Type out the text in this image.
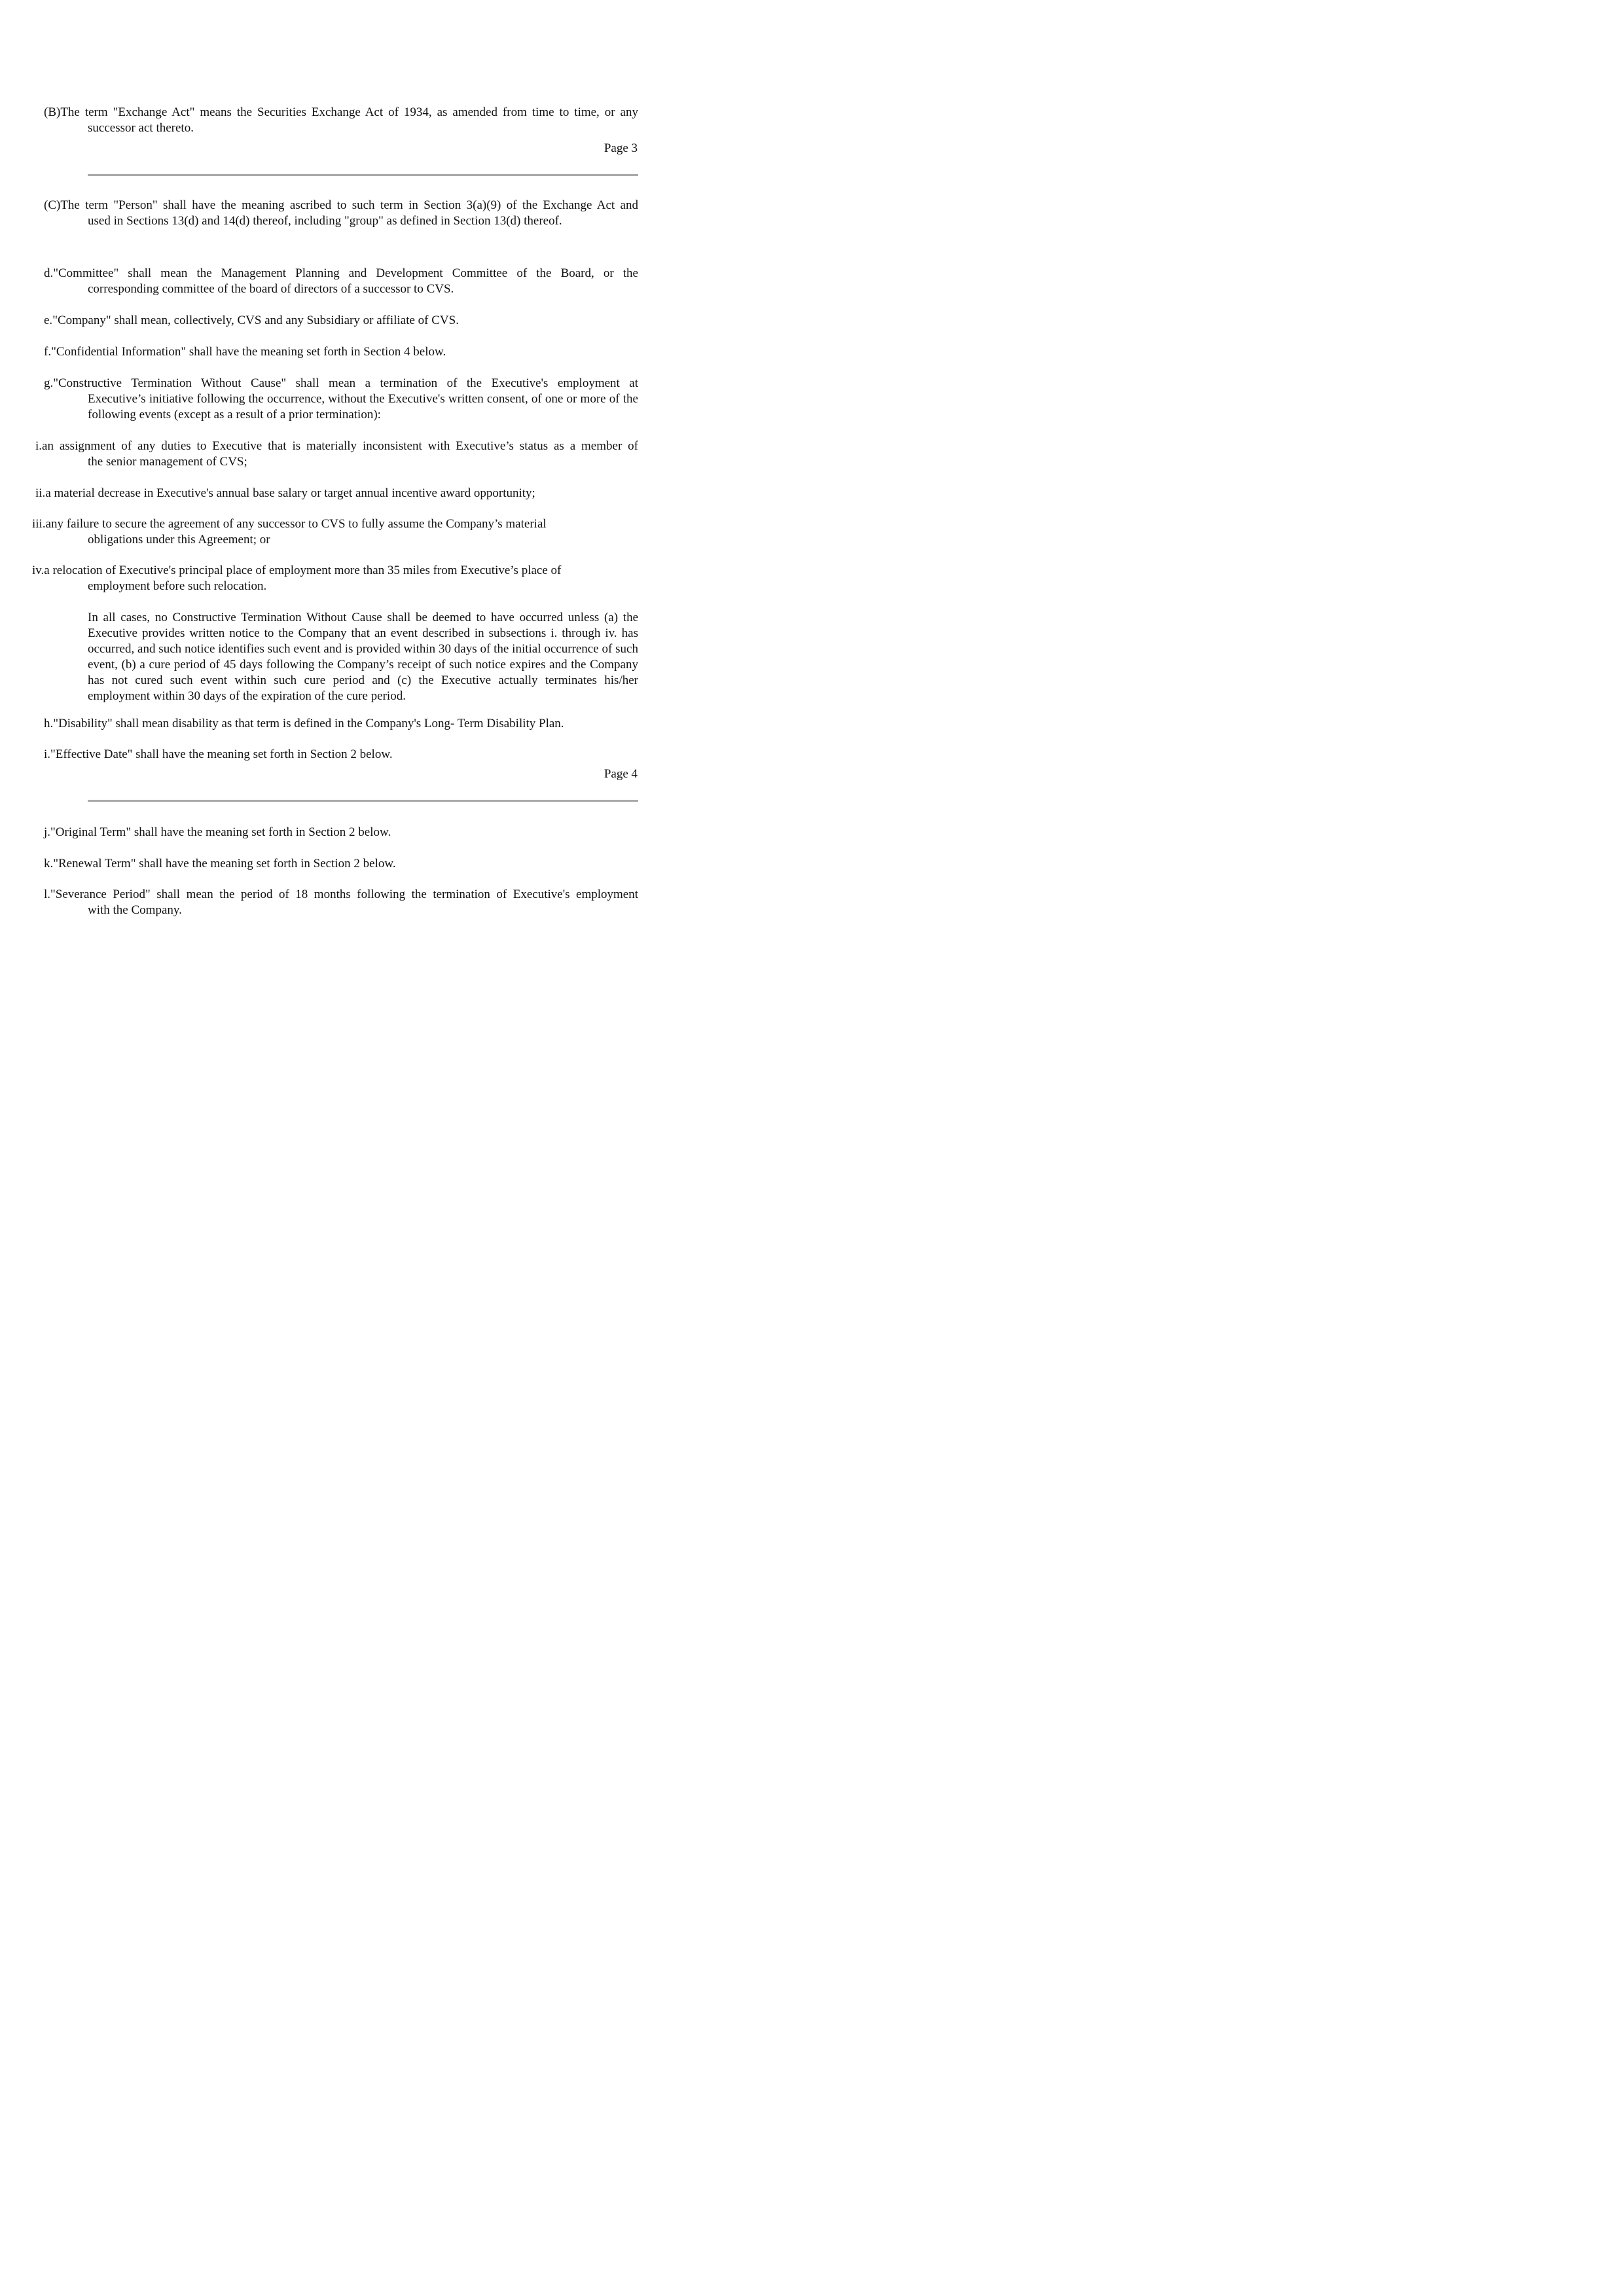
(B)The term "Exchange Act" means the Securities Exchange Act of 1934, as amended from time to time, or any
successor act thereto.
Page 3
(C)The term "Person" shall have the meaning ascribed to such term in Section 3(a)(9) of the Exchange Act and
used in Sections 13(d) and 14(d) thereof, including "group" as defined in Section 13(d) thereof.
d."Committee" shall mean the Management Planning and Development Committee of the Board, or the
corresponding committee of the board of directors of a successor to CVS.
e."Company" shall mean, collectively, CVS and any Subsidiary or affiliate of CVS.
f."Confidential Information" shall have the meaning set forth in Section 4 below.
g."Constructive Termination Without Cause" shall mean a termination of the Executive's employment at
Executive’s initiative following the occurrence, without the Executive's written consent, of one or more of the following events (except as a result of a prior termination):
i.an assignment of any duties to Executive that is materially inconsistent with Executive’s status as a member of
the senior management of CVS;
ii.a material decrease in Executive's annual base salary or target annual incentive award opportunity;
iii.any failure to secure the agreement of any successor to CVS to fully assume the Company’s material
obligations under this Agreement; or
iv.a relocation of Executive's principal place of employment more than 35 miles from Executive’s place of
employment before such relocation.
In all cases, no Constructive Termination Without Cause shall be deemed to have occurred unless (a) the Executive provides written notice to the Company that an event described in subsections i. through iv. has occurred, and such notice identifies such event and is provided within 30 days of the initial occurrence of such event, (b) a cure period of 45 days following the Company’s receipt of such notice expires and the Company has not cured such event within such cure period and (c) the Executive actually terminates his/her employment within 30 days of the expiration of the cure period.
h."Disability" shall mean disability as that term is defined in the Company's Long- Term Disability Plan.
i."Effective Date" shall have the meaning set forth in Section 2 below.
Page 4
j."Original Term" shall have the meaning set forth in Section 2 below.
k."Renewal Term" shall have the meaning set forth in Section 2 below.
l."Severance Period" shall mean the period of 18 months following the termination of Executive's employment
with the Company.
